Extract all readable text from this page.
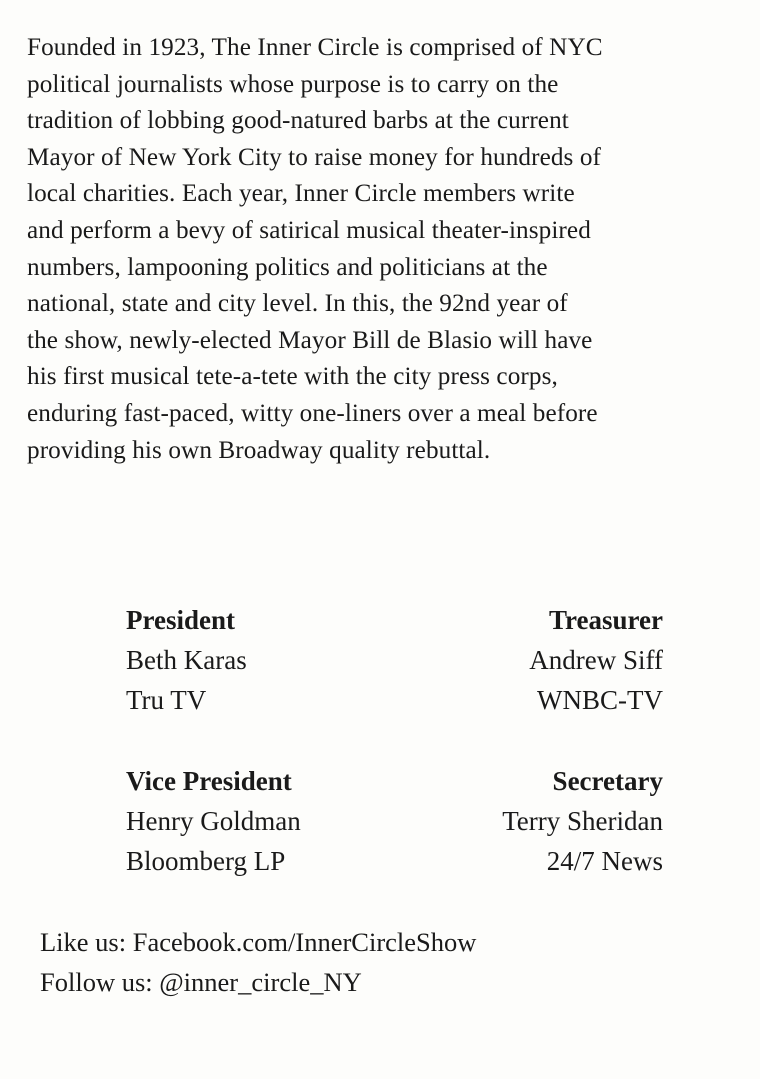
Founded in 1923, The Inner Circle is comprised of NYC
political journalists whose purpose is to carry on the
tradition of lobbing good-natured barbs at the current
Mayor of New York City to raise money for hundreds of
local charities. Each year, Inner Circle members write
and perform a bevy of satirical musical theater-inspired
numbers, lampooning politics and politicians at the
national, state and city level. In this, the 92nd year of
the show, newly-elected Mayor Bill de Blasio will have
his first musical tete-a-tete with the city press corps,
enduring fast-paced, witty one-liners over a meal before
providing his own Broadway quality rebuttal.

President
Beth Karas
Tru TV
Treasurer
Andrew Siff
WNBC-TV
Vice President
Henry Goldman
Bloomberg LP
Secretary
Terry Sheridan
24/7 News
Like us: Facebook.com/InnerCircleShow
Follow us: @inner_circle_NY
